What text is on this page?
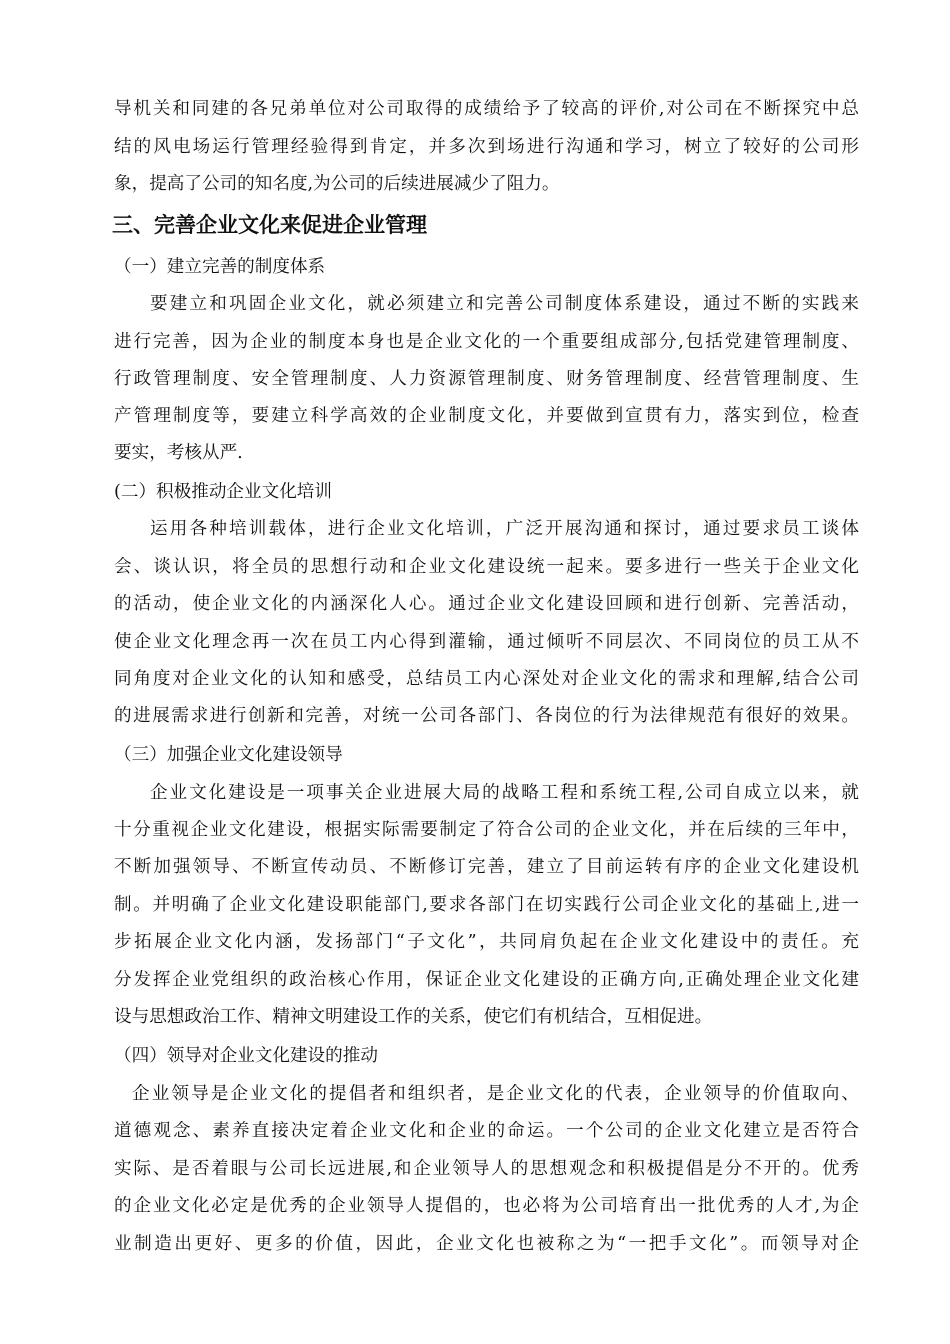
导机关和同建的各兄弟单位对公司取得的成绩给予了较高的评价,对公司在不断探究中总
结的风电场运行管理经验得到肯定，并多次到场进行沟通和学习，树立了较好的公司形
象，提高了公司的知名度,为公司的后续进展减少了阻力。
三、完善企业文化来促进企业管理
（一）建立完善的制度体系
要建立和巩固企业文化，就必须建立和完善公司制度体系建设，通过不断的实践来
进行完善，因为企业的制度本身也是企业文化的一个重要组成部分,包括党建管理制度、
行政管理制度、安全管理制度、人力资源管理制度、财务管理制度、经营管理制度、生
产管理制度等，要建立科学高效的企业制度文化，并要做到宣贯有力，落实到位，检查
要实，考核从严.
(二）积极推动企业文化培训
运用各种培训载体，进行企业文化培训，广泛开展沟通和探讨，通过要求员工谈体
会、谈认识，将全员的思想行动和企业文化建设统一起来。要多进行一些关于企业文化
的活动，使企业文化的内涵深化人心。通过企业文化建设回顾和进行创新、完善活动，
使企业文化理念再一次在员工内心得到灌输，通过倾听不同层次、不同岗位的员工从不
同角度对企业文化的认知和感受，总结员工内心深处对企业文化的需求和理解,结合公司
的进展需求进行创新和完善，对统一公司各部门、各岗位的行为法律规范有很好的效果。
（三）加强企业文化建设领导
企业文化建设是一项事关企业进展大局的战略工程和系统工程,公司自成立以来，就
十分重视企业文化建设，根据实际需要制定了符合公司的企业文化，并在后续的三年中，
不断加强领导、不断宣传动员、不断修订完善，建立了目前运转有序的企业文化建设机
制。并明确了企业文化建设职能部门,要求各部门在切实践行公司企业文化的基础上,进一
步拓展企业文化内涵，发扬部门“子文化”，共同肩负起在企业文化建设中的责任。充
分发挥企业党组织的政治核心作用，保证企业文化建设的正确方向,正确处理企业文化建
设与思想政治工作、精神文明建设工作的关系，使它们有机结合，互相促进。
（四）领导对企业文化建设的推动
企业领导是企业文化的提倡者和组织者，是企业文化的代表，企业领导的价值取向、
道德观念、素养直接决定着企业文化和企业的命运。一个公司的企业文化建立是否符合
实际、是否着眼与公司长远进展,和企业领导人的思想观念和积极提倡是分不开的。优秀
的企业文化必定是优秀的企业领导人提倡的，也必将为公司培育出一批优秀的人才,为企
业制造出更好、更多的价值，因此，企业文化也被称之为“一把手文化”。而领导对企
